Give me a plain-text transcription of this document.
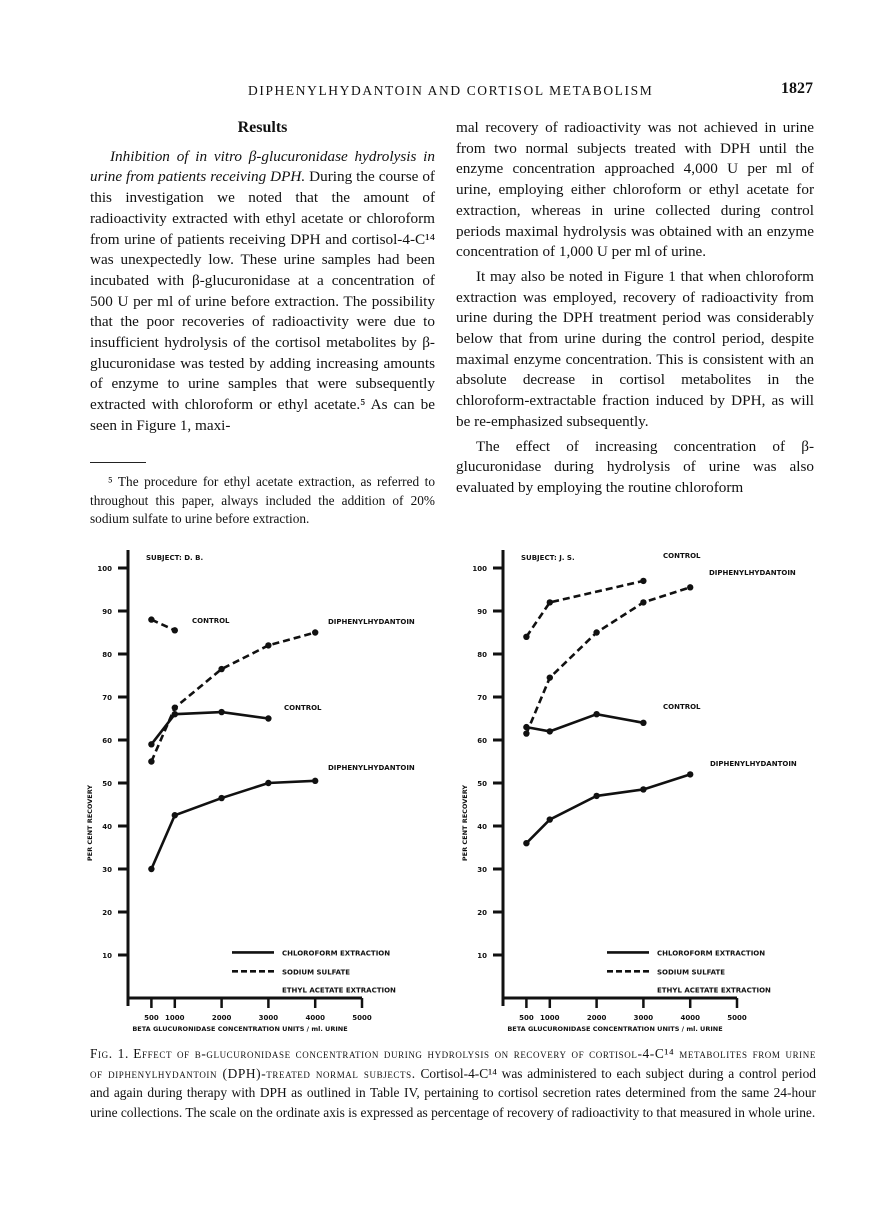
DIPHENYLHYDANTOIN AND CORTISOL METABOLISM	1827

Results

Inhibition of in vitro β-glucuronidase hydrolysis in urine from patients receiving DPH. During the course of this investigation we noted that the amount of radioactivity extracted with ethyl acetate or chloroform from urine of patients receiving DPH and cortisol-4-C¹⁴ was unexpectedly low. These urine samples had been incubated with β-glucuronidase at a concentration of 500 U per ml of urine before extraction. The possibility that the poor recoveries of radioactivity were due to insufficient hydrolysis of the cortisol metabolites by β-glucuronidase was tested by adding increasing amounts of enzyme to urine samples that were subsequently extracted with chloroform or ethyl acetate.⁵ As can be seen in Figure 1, maxi-

mal recovery of radioactivity was not achieved in urine from two normal subjects treated with DPH until the enzyme concentration approached 4,000 U per ml of urine, employing either chloroform or ethyl acetate for extraction, whereas in urine collected during control periods maximal hydrolysis was obtained with an enzyme concentration of 1,000 U per ml of urine.

It may also be noted in Figure 1 that when chloroform extraction was employed, recovery of radioactivity from urine during the DPH treatment period was considerably below that from urine during the control period, despite maximal enzyme concentration. This is consistent with an absolute decrease in cortisol metabolites in the chloroform-extractable fraction induced by DPH, as will be re-emphasized subsequently.

The effect of increasing concentration of β-glucuronidase during hydrolysis of urine was also evaluated by employing the routine chloroform

⁵ The procedure for ethyl acetate extraction, as referred to throughout this paper, always included the addition of 20% sodium sulfate to urine before extraction.
100
90
80
70
60
50
40
30
20
10
500 1000	2000	3000	4000	5000
BETA GLUCURONIDASE CONCENTRATION UNITS / ml. URINE
PER CENT RECOVERY
SUBJECT: D. B.
CONTROL
DIPHENYLHYDANTOIN
CONTROL	DIPHENYLHYDANTOIN
CHLOROFORM EXTRACTION
SODIUM SULFATE
ETHYL ACETATE EXTRACTION
100
90
80
70
60
50
40
30
20
10
500 1000	2000	3000	4000	5000
BETA GLUCURONIDASE CONCENTRATION UNITS / ml. URINE
PER CENT RECOVERY
SUBJECT: J. S.
CONTROL
DIPHENYLHYDANTOIN
CONTROL
DIPHENYLHYDANTOIN
CHLOROFORM EXTRACTION
SODIUM SULFATE
ETHYL ACETATE EXTRACTION
Fig. 1. Effect of β-glucuronidase concentration during hydrolysis on recovery of cortisol-4-C¹⁴ metabolites from urine of diphenylhydantoin (DPH)-treated normal subjects. Cortisol-4-C¹⁴ was administered to each subject during a control period and again during therapy with DPH as outlined in Table IV, pertaining to cortisol secretion rates determined from the same 24-hour urine collections. The scale on the ordinate axis is expressed as percentage of recovery of radioactivity to that measured in whole urine.
